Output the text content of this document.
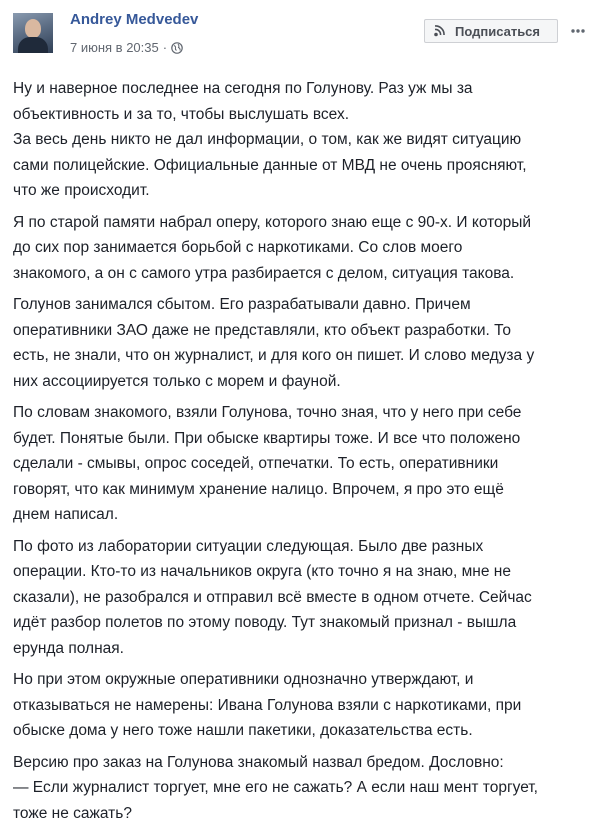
Andrey Medvedev
7 июня в 20:35 ·
Подписаться

Ну и наверное последнее на сегодня по Голунову. Раз уж мы за
объективность и за то, чтобы выслушать всех.
За весь день никто не дал информации, о том, как же видят ситуацию
сами полицейские. Официальные данные от МВД не очень проясняют,
что же происходит.

Я по старой памяти набрал оперу, которого знаю еще с 90-х. И который
до сих пор занимается борьбой с наркотиками. Со слов моего
знакомого, а он с самого утра разбирается с делом, ситуация такова.

Голунов занимался сбытом. Его разрабатывали давно. Причем
оперативники ЗАО даже не представляли, кто объект разработки. То
есть, не знали, что он журналист, и для кого он пишет. И слово медуза у
них ассоциируется только с морем и фауной.

По словам знакомого, взяли Голунова, точно зная, что у него при себе
будет. Понятые были. При обыске квартиры тоже. И все что положено
сделали - смывы, опрос соседей, отпечатки. То есть, оперативники
говорят, что как минимум хранение налицо. Впрочем, я про это ещё
днем написал.

По фото из лаборатории ситуации следующая. Было две разных
операции. Кто-то из начальников округа (кто точно я на знаю, мне не
сказали), не разобрался и отправил всё вместе в одном отчете. Сейчас
идёт разбор полетов по этому поводу. Тут знакомый признал - вышла
ерунда полная.

Но при этом окружные оперативники однозначно утверждают, и
отказываться не намерены: Ивана Голунова взяли с наркотиками, при
обыске дома у него тоже нашли пакетики, доказательства есть.

Версию про заказ на Голунова знакомый назвал бредом. Дословно:
— Если журналист торгует, мне его не сажать? А если наш мент торгует,
тоже не сажать?
